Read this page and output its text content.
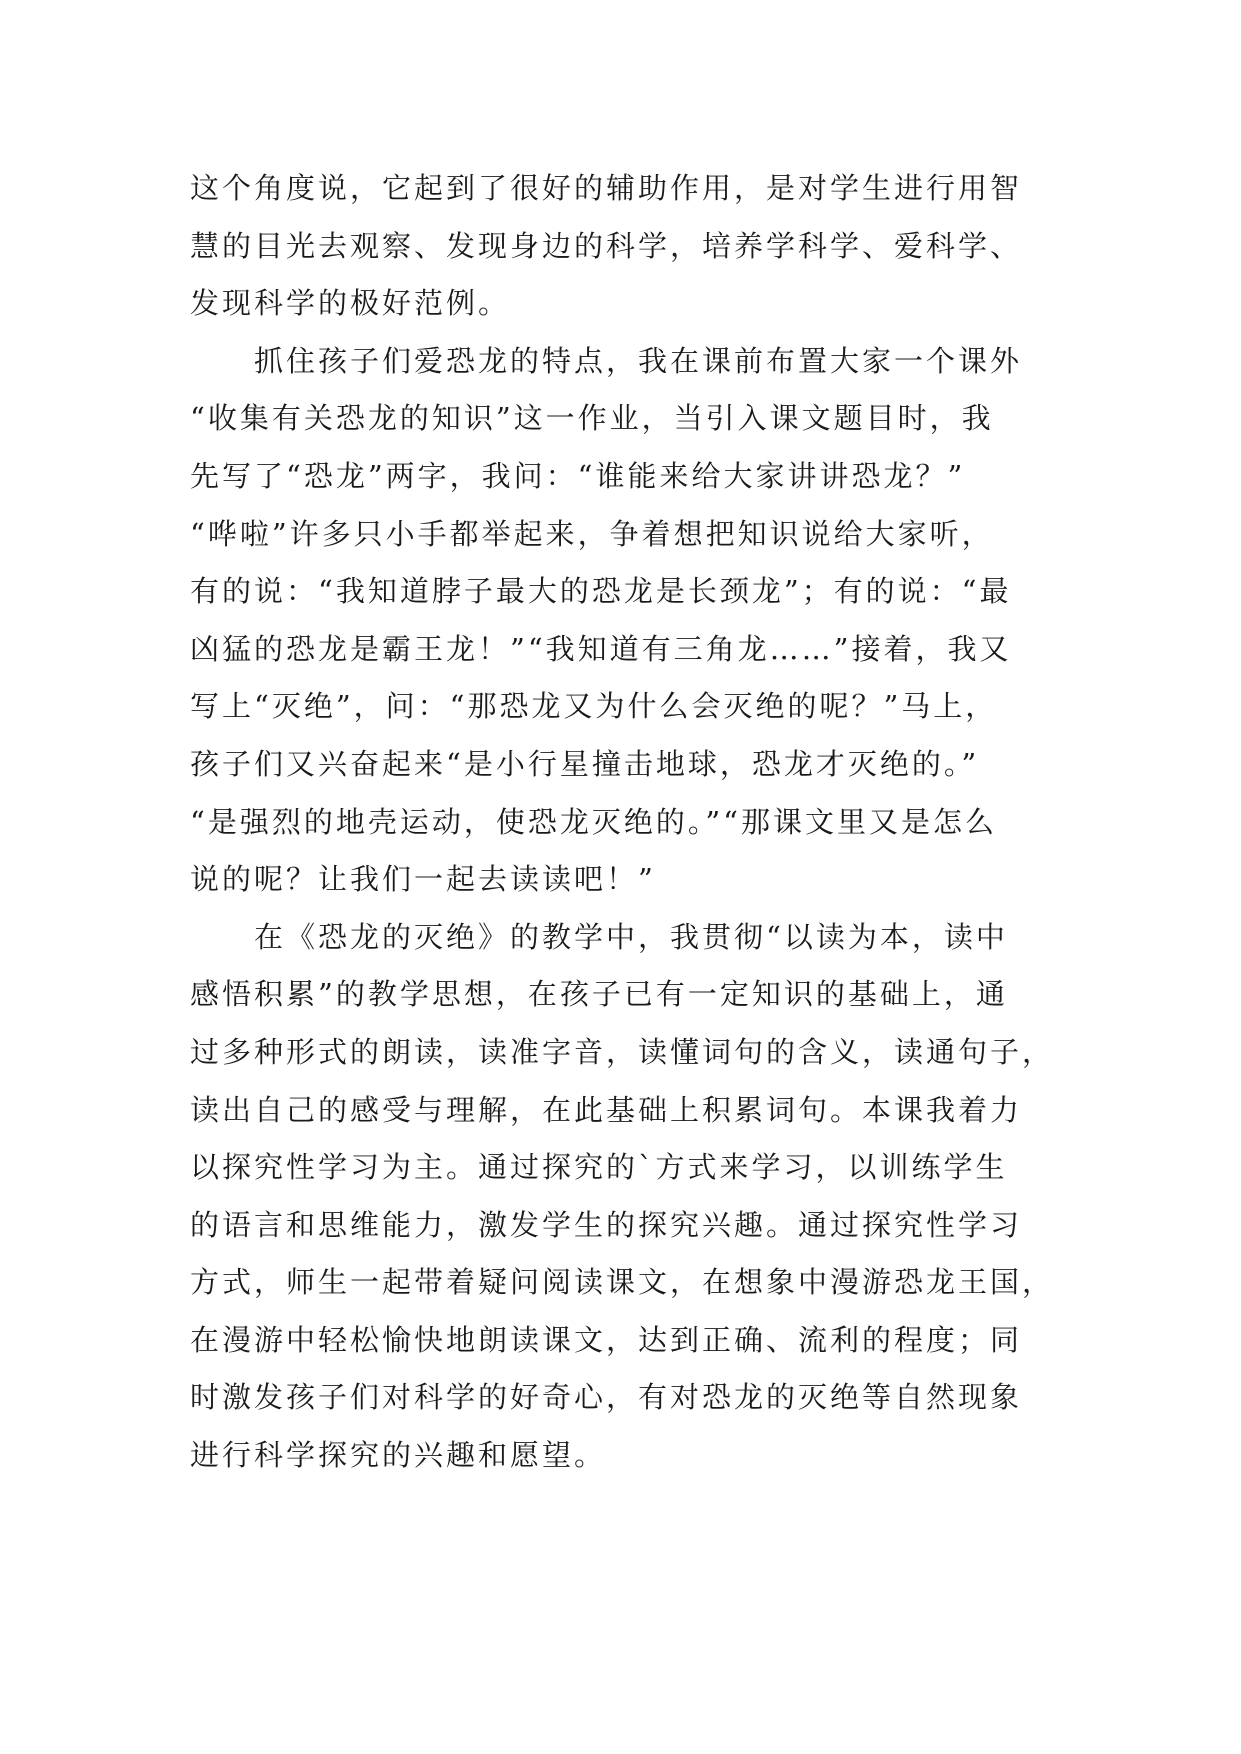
这个角度说，它起到了很好的辅助作用，是对学生进行用智
慧的目光去观察、发现身边的科学，培养学科学、爱科学、
发现科学的极好范例。
　　抓住孩子们爱恐龙的特点，我在课前布置大家一个课外
“收集有关恐龙的知识”这一作业，当引入课文题目时，我
先写了“恐龙”两字，我问：“谁能来给大家讲讲恐龙？”
“哗啦”许多只小手都举起来，争着想把知识说给大家听，
有的说：“我知道脖子最大的恐龙是长颈龙”；有的说：“最
凶猛的恐龙是霸王龙！”“我知道有三角龙……”接着，我又
写上“灭绝”，问：“那恐龙又为什么会灭绝的呢？”马上，
孩子们又兴奋起来“是小行星撞击地球，恐龙才灭绝的。”
“是强烈的地壳运动，使恐龙灭绝的。”“那课文里又是怎么
说的呢？让我们一起去读读吧！”
　　在《恐龙的灭绝》的教学中，我贯彻“以读为本，读中
感悟积累”的教学思想，在孩子已有一定知识的基础上，通
过多种形式的朗读，读准字音，读懂词句的含义，读通句子，
读出自己的感受与理解，在此基础上积累词句。本课我着力
以探究性学习为主。通过探究的`方式来学习，以训练学生
的语言和思维能力，激发学生的探究兴趣。通过探究性学习
方式，师生一起带着疑问阅读课文，在想象中漫游恐龙王国，
在漫游中轻松愉快地朗读课文，达到正确、流利的程度；同
时激发孩子们对科学的好奇心，有对恐龙的灭绝等自然现象
进行科学探究的兴趣和愿望。
